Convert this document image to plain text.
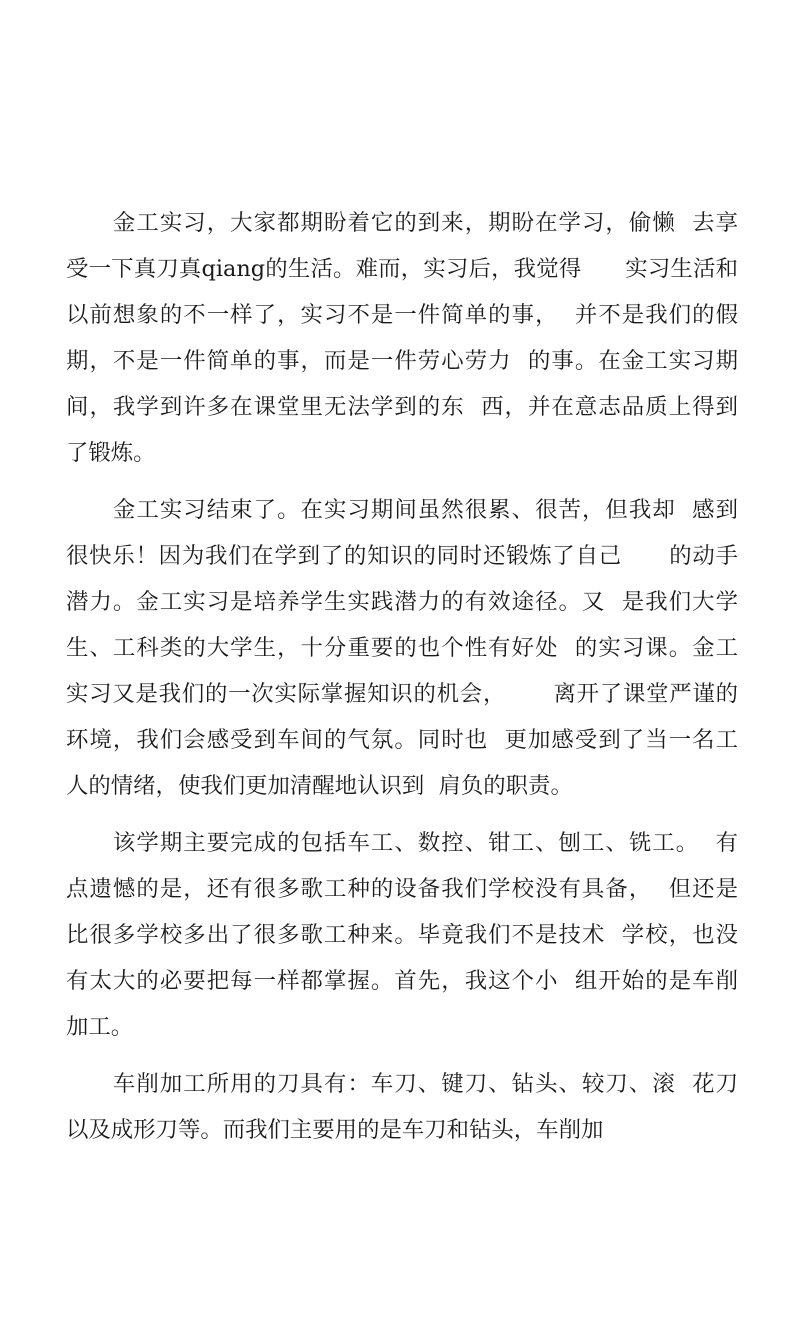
　　金工实习，大家都期盼着它的到来，期盼在学习，偷懒  去享
受一下真刀真qiang的生活。难而，实习后，我觉得      实习生活和
以前想象的不一样了，实习不是一件简单的事，  并不是我们的假
期，不是一件简单的事，而是一件劳心劳力  的事。在金工实习期
间，我学到许多在课堂里无法学到的东  西，并在意志品质上得到
了锻炼。
　　金工实习结束了。在实习期间虽然很累、很苦，但我却  感到
很快乐！因为我们在学到了的知识的同时还锻炼了自己      的动手
潜力。金工实习是培养学生实践潜力的有效途径。又  是我们大学
生、工科类的大学生，十分重要的也个性有好处  的实习课。金工
实习又是我们的一次实际掌握知识的机会，      离开了课堂严谨的
环境，我们会感受到车间的气氛。同时也  更加感受到了当一名工
人的情绪，使我们更加清醒地认识到  肩负的职责。
　　该学期主要完成的包括车工、数控、钳工、刨工、铣工。  有
点遗憾的是，还有很多歌工种的设备我们学校没有具备，  但还是
比很多学校多出了很多歌工种来。毕竟我们不是技术  学校，也没
有太大的必要把每一样都掌握。首先，我这个小  组开始的是车削
加工。
　　车削加工所用的刀具有：车刀、键刀、钻头、较刀、滚  花刀
以及成形刀等。而我们主要用的是车刀和钻头，车削加
